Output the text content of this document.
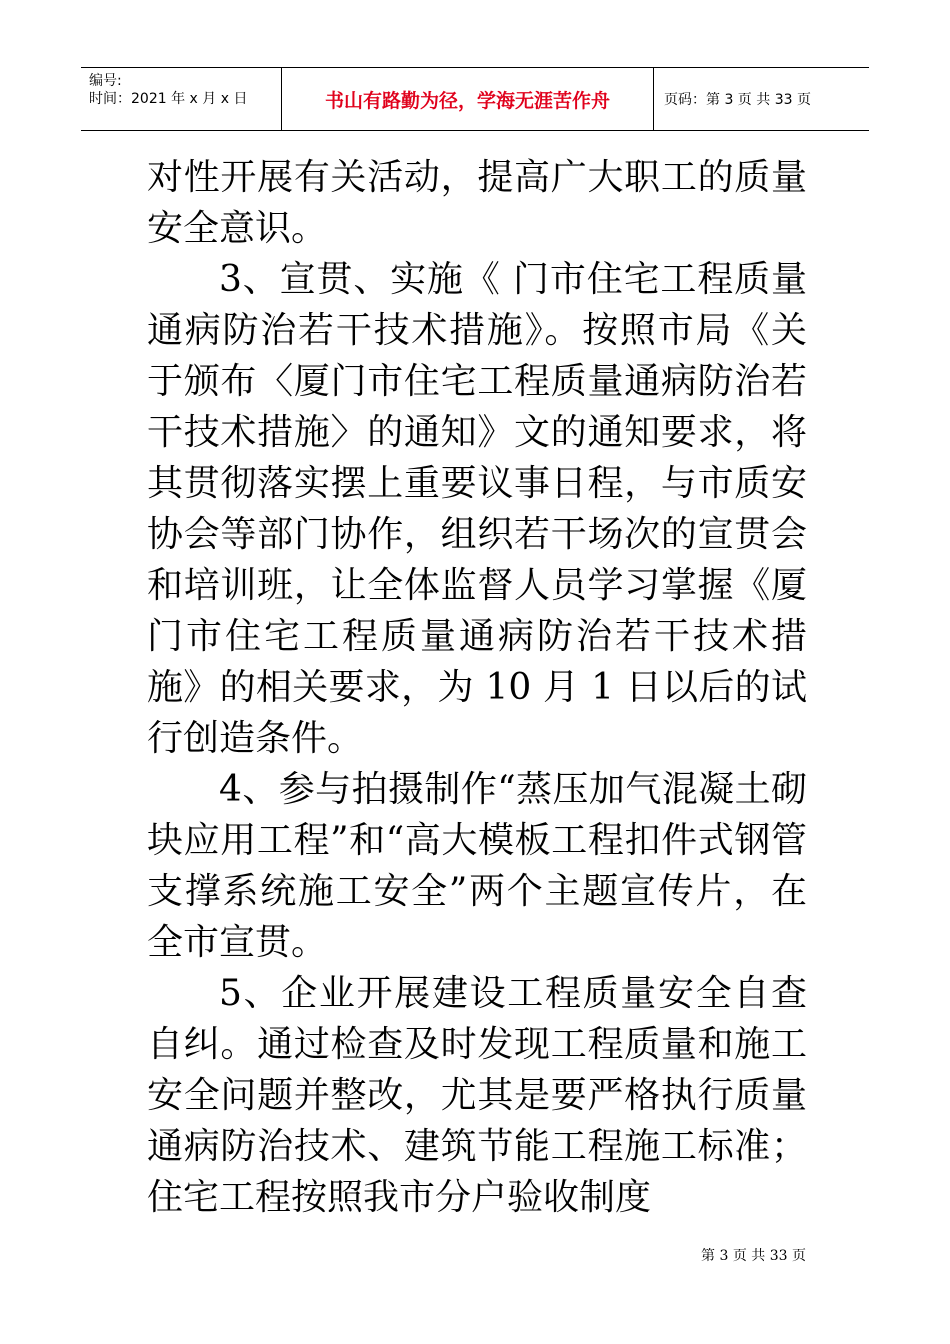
编号:
时间：2021 年 x 月 x 日	书山有路勤为径，学海无涯苦作舟	页码：第 3 页 共 33 页

对性开展有关活动，提高广大职工的质量安全意识。

3、宣贯、实施《 门市住宅工程质量通病防治若干技术措施》。按照市局《关于颁布〈厦门市住宅工程质量通病防治若干技术措施〉的通知》文的通知要求，将其贯彻落实摆上重要议事日程，与市质安协会等部门协作，组织若干场次的宣贯会和培训班，让全体监督人员学习掌握《厦门市住宅工程质量通病防治若干技术措施》的相关要求，为 10 月 1 日以后的试行创造条件。

4、参与拍摄制作“蒸压加气混凝土砌块应用工程”和“高大模板工程扣件式钢管支撑系统施工安全”两个主题宣传片，在全市宣贯。

5、企业开展建设工程质量安全自查自纠。通过检查及时发现工程质量和施工安全问题并整改，尤其是要严格执行质量通病防治技术、建筑节能工程施工标准；住宅工程按照我市分户验收制度

第 3 页 共 33 页
